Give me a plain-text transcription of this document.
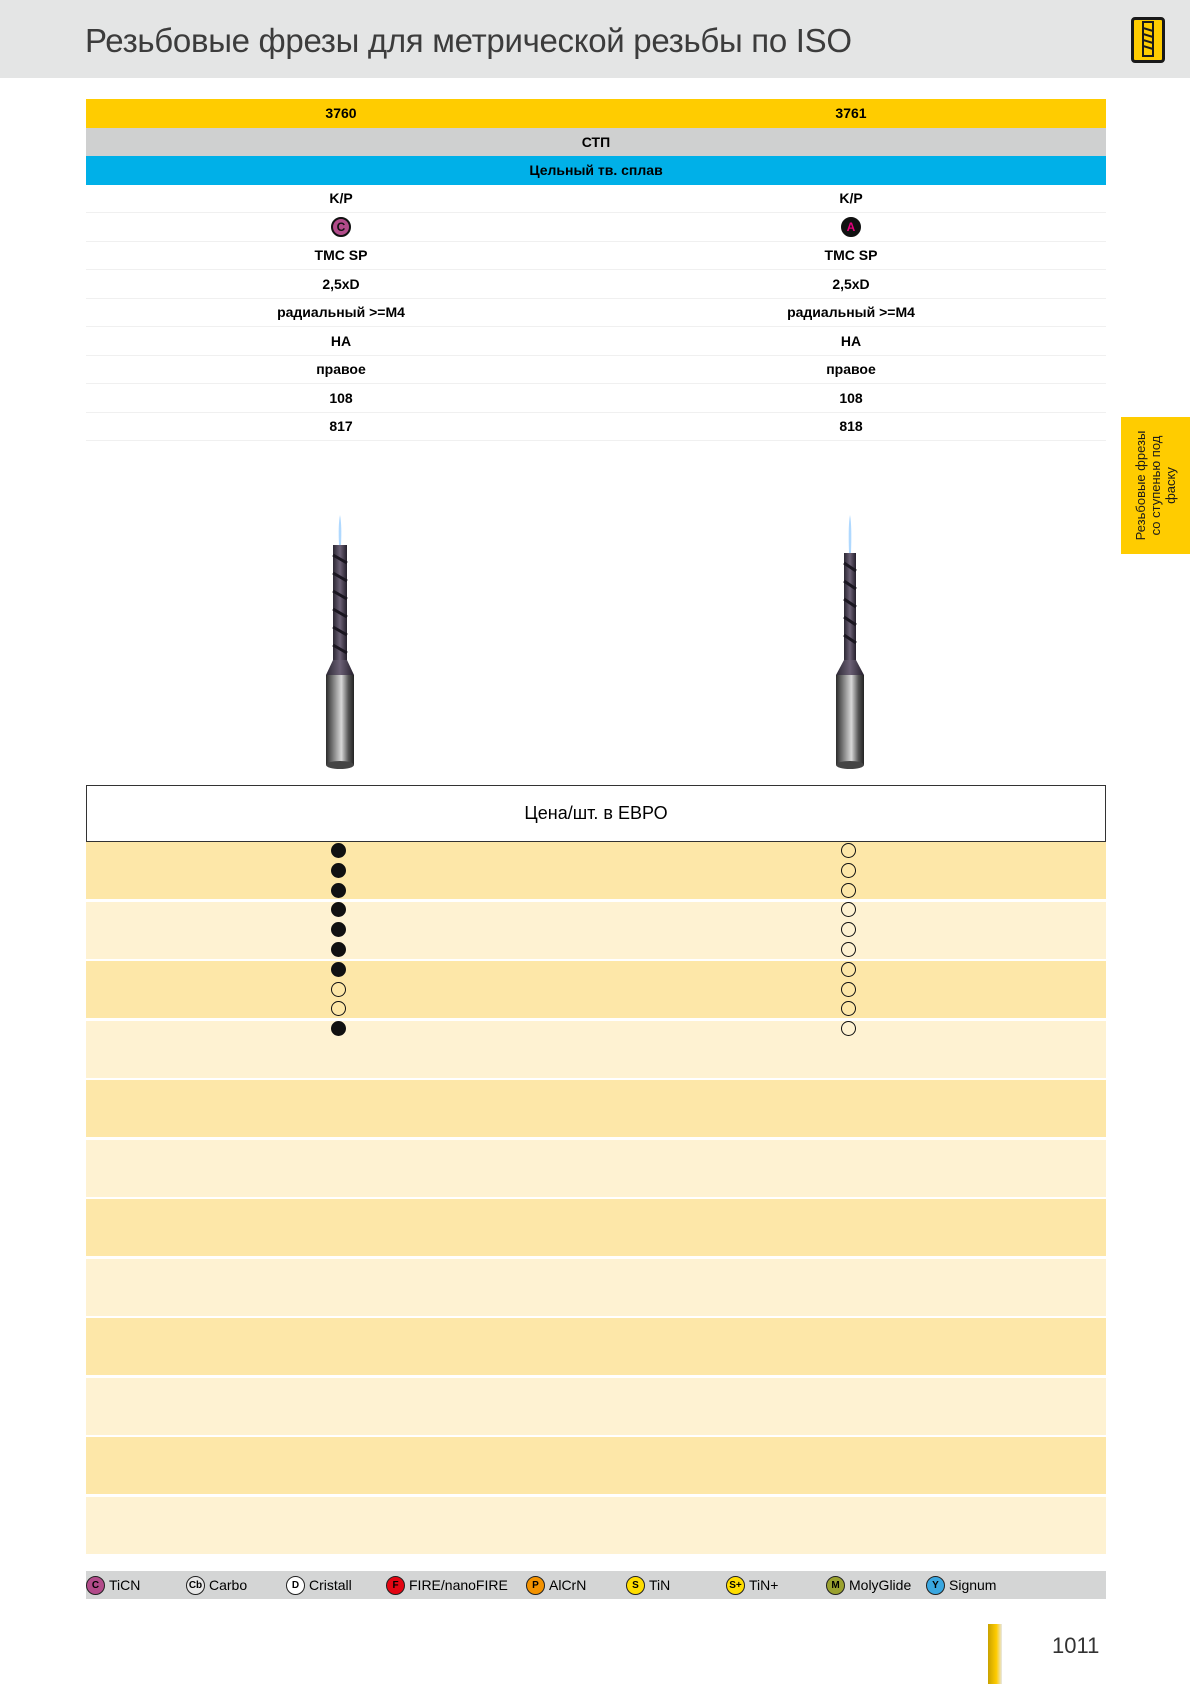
Резьбовые фрезы для метрической резьбы по ISO
Резьбовые фрезы со ступенью под фаску
3760	3761
СТП
Цельный тв. сплав
K/P	K/P
C	A
TMC SP	TMC SP
2,5xD	2,5xD
радиальный >=M4	радиальный >=M4
HA	HA
правое	правое
108	108
817	818
Цена/шт. в ЕВРО
C TiCN	Cb Carbo	D Cristall	F FIRE/nanoFIRE	P AlCrN	S TiN	S+ TiN+	M MolyGlide	Y Signum
1011
